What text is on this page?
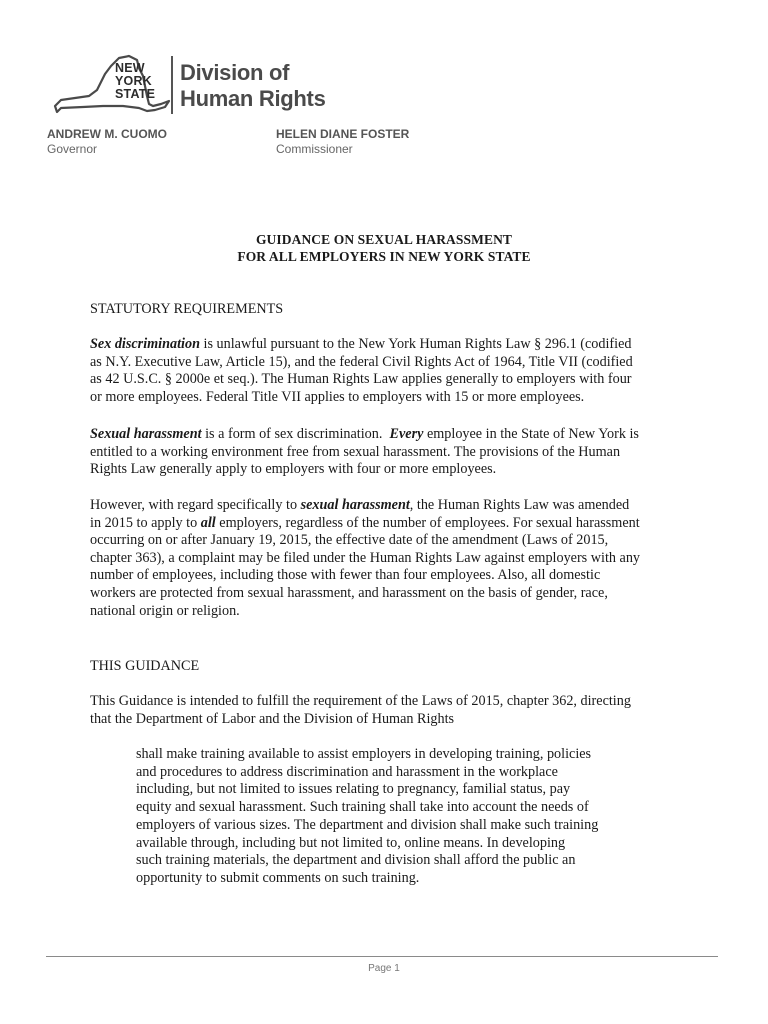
NEW
YORK
STATE
Division of
Human Rights
ANDREW M. CUOMO
Governor
HELEN DIANE FOSTER
Commissioner
GUIDANCE ON SEXUAL HARASSMENT
FOR ALL EMPLOYERS IN NEW YORK STATE
STATUTORY REQUIREMENTS
Sex discrimination is unlawful pursuant to the New York Human Rights Law § 296.1 (codified
as N.Y. Executive Law, Article 15), and the federal Civil Rights Act of 1964, Title VII (codified
as 42 U.S.C. § 2000e et seq.). The Human Rights Law applies generally to employers with four
or more employees. Federal Title VII applies to employers with 15 or more employees.
Sexual harassment is a form of sex discrimination. Every employee in the State of New York is
entitled to a working environment free from sexual harassment. The provisions of the Human
Rights Law generally apply to employers with four or more employees.
However, with regard specifically to sexual harassment, the Human Rights Law was amended
in 2015 to apply to all employers, regardless of the number of employees. For sexual harassment
occurring on or after January 19, 2015, the effective date of the amendment (Laws of 2015,
chapter 363), a complaint may be filed under the Human Rights Law against employers with any
number of employees, including those with fewer than four employees. Also, all domestic
workers are protected from sexual harassment, and harassment on the basis of gender, race,
national origin or religion.
THIS GUIDANCE
This Guidance is intended to fulfill the requirement of the Laws of 2015, chapter 362, directing
that the Department of Labor and the Division of Human Rights
shall make training available to assist employers in developing training, policies
and procedures to address discrimination and harassment in the workplace
including, but not limited to issues relating to pregnancy, familial status, pay
equity and sexual harassment. Such training shall take into account the needs of
employers of various sizes. The department and division shall make such training
available through, including but not limited to, online means. In developing
such training materials, the department and division shall afford the public an
opportunity to submit comments on such training.
Page 1
